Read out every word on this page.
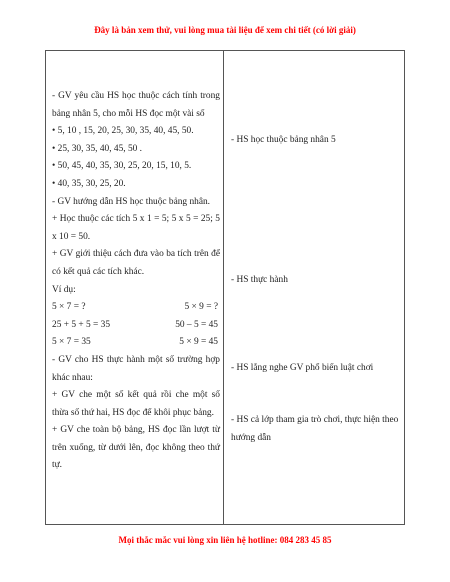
Đây là bản xem thử, vui lòng mua tài liệu để xem chi tiết (có lời giải)

- GV yêu cầu HS học thuộc cách tính trong bảng nhân 5, cho mỗi HS đọc một vài số

• 5, 10 , 15, 20, 25, 30, 35, 40, 45, 50.

• 25, 30, 35, 40, 45, 50 .

• 50, 45, 40, 35, 30, 25, 20, 15, 10, 5.

• 40, 35, 30, 25, 20.

- GV hướng dẫn HS học thuộc bảng nhân.

+ Học thuộc các tích 5 x 1 = 5; 5 x 5 = 25; 5 x 10 = 50.

+ GV giới thiệu cách đưa vào ba tích trên để có kết quả các tích khác.

Ví dụ:

5 × 7 = ?	5 × 9 = ?
25 + 5 + 5 = 35	50 – 5 = 45
5 × 7 = 35	5 × 9 = 45

- GV cho HS thực hành một số trường hợp khác nhau:

+ GV che một số kết quả rồi che một số thừa số thứ hai, HS đọc để khôi phục bảng.

+ GV che toàn bộ bảng, HS đọc lần lượt từ trên xuống, từ dưới lên, đọc không theo thứ tự.

- HS học thuộc bảng nhân 5

- HS thực hành

- HS lắng nghe GV phổ biến luật chơi

- HS cả lớp tham gia trò chơi, thực hiện theo hướng dẫn

Mọi thắc mắc vui lòng xin liên hệ hotline: 084 283 45 85
